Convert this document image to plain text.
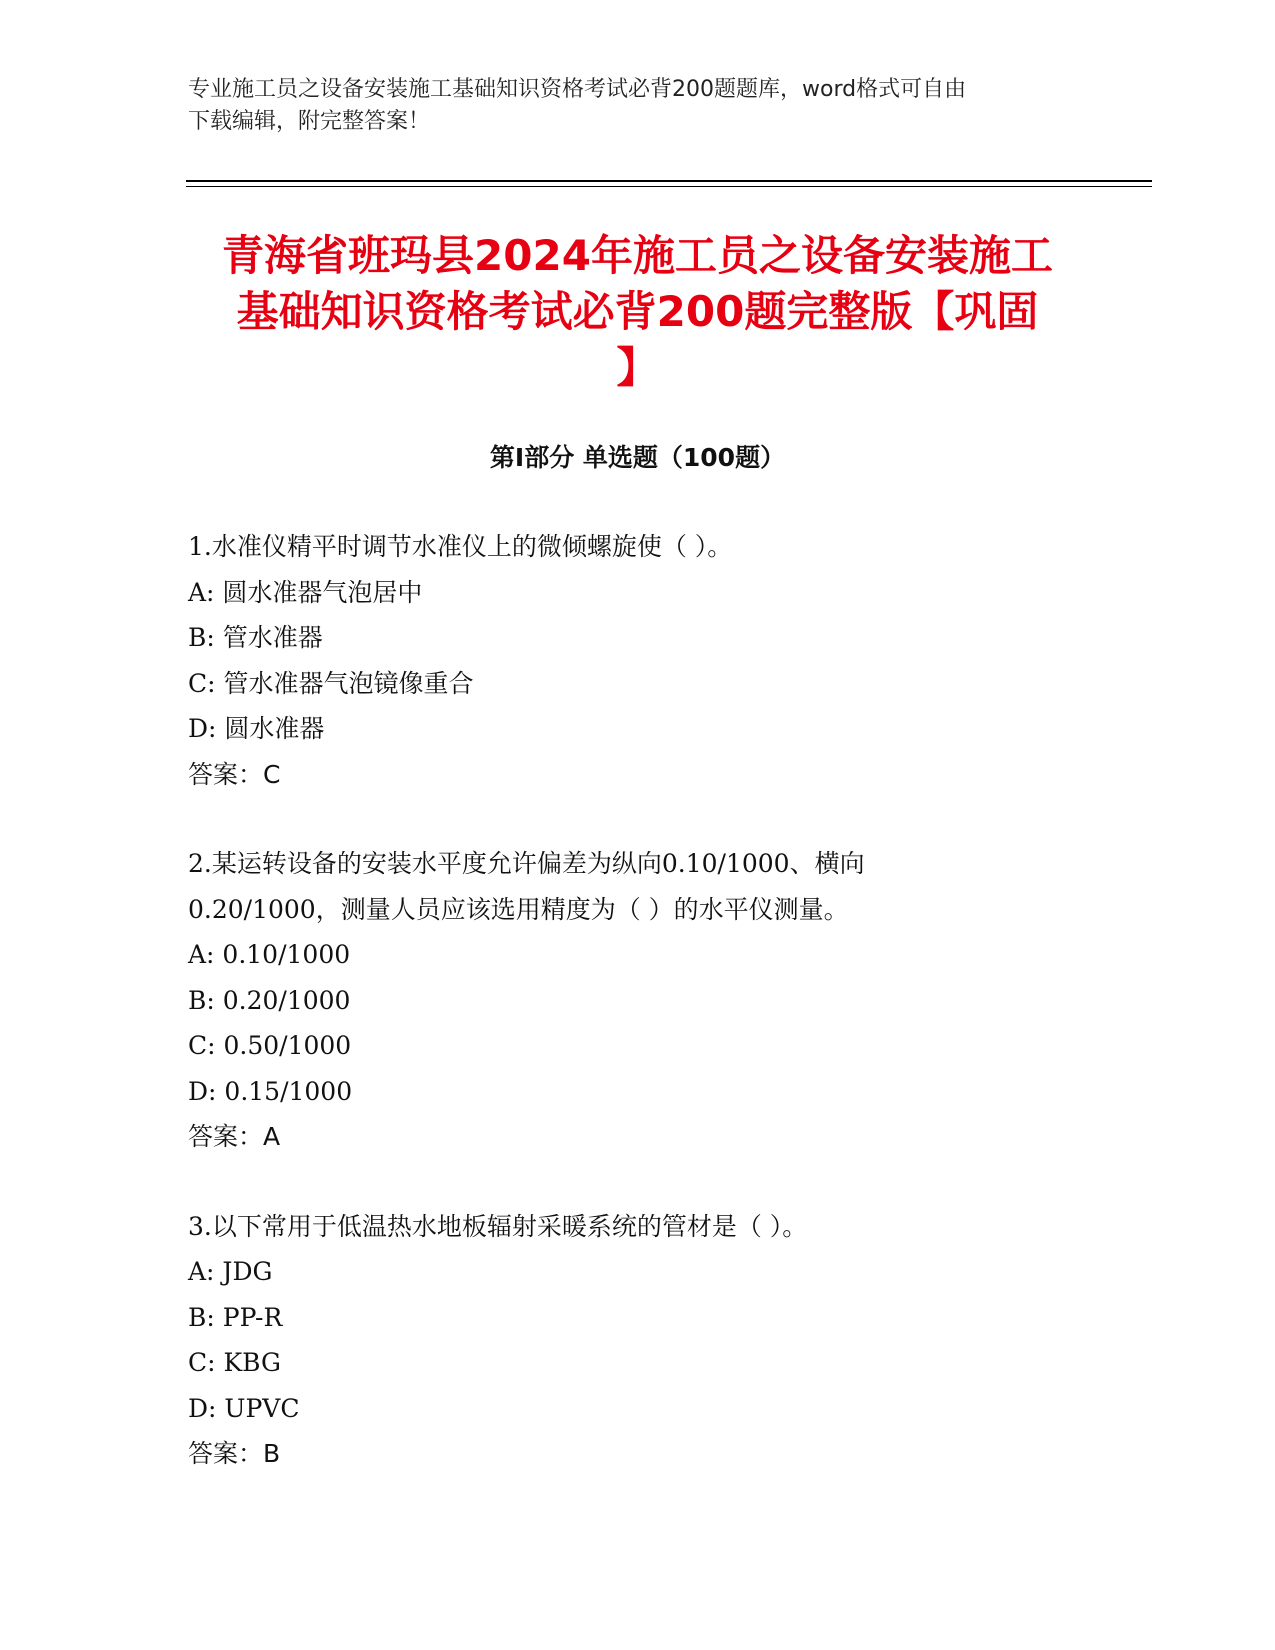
专业施工员之设备安装施工基础知识资格考试必背200题题库，word格式可自由
下载编辑，附完整答案！
青海省班玛县2024年施工员之设备安装施工
基础知识资格考试必背200题完整版【巩固
】
第Ⅰ部分 单选题（100题）
1.水准仪精平时调节水准仪上的微倾螺旋使（ ）。
A: 圆水准器气泡居中
B: 管水准器
C: 管水准器气泡镜像重合
D: 圆水准器
答案：C
2.某运转设备的安装水平度允许偏差为纵向0.10/1000、横向
0.20/1000，测量人员应该选用精度为（ ）的水平仪测量。
A: 0.10/1000
B: 0.20/1000
C: 0.50/1000
D: 0.15/1000
答案：A
3.以下常用于低温热水地板辐射采暖系统的管材是（ ）。
A: JDG
B: PP-R
C: KBG
D: UPVC
答案：B
